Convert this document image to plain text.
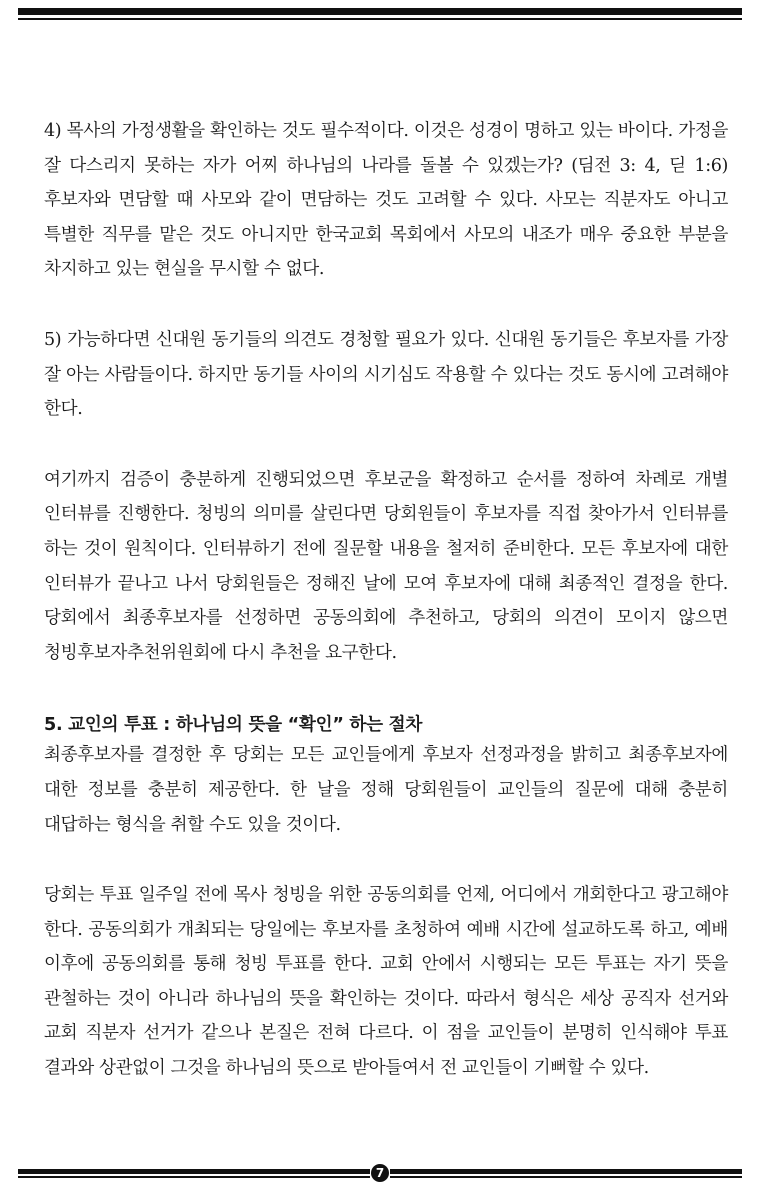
4) 목사의 가정생활을 확인하는 것도 필수적이다. 이것은 성경이 명하고 있는 바이다. 가정을 잘 다스리지 못하는 자가 어찌 하나님의 나라를 돌볼 수 있겠는가? (딤전 3: 4, 딛 1:6) 후보자와 면담할 때 사모와 같이 면담하는 것도 고려할 수 있다. 사모는 직분자도 아니고 특별한 직무를 맡은 것도 아니지만 한국교회 목회에서 사모의 내조가 매우 중요한 부분을 차지하고 있는 현실을 무시할 수 없다.

5) 가능하다면 신대원 동기들의 의견도 경청할 필요가 있다. 신대원 동기들은 후보자를 가장 잘 아는 사람들이다. 하지만 동기들 사이의 시기심도 작용할 수 있다는 것도 동시에 고려해야 한다.

여기까지 검증이 충분하게 진행되었으면 후보군을 확정하고 순서를 정하여 차례로 개별 인터뷰를 진행한다. 청빙의 의미를 살린다면 당회원들이 후보자를 직접 찾아가서 인터뷰를 하는 것이 원칙이다. 인터뷰하기 전에 질문할 내용을 철저히 준비한다. 모든 후보자에 대한 인터뷰가 끝나고 나서 당회원들은 정해진 날에 모여 후보자에 대해 최종적인 결정을 한다. 당회에서 최종후보자를 선정하면 공동의회에 추천하고, 당회의 의견이 모이지 않으면 청빙후보자추천위원회에 다시 추천을 요구한다.

5. 교인의 투표 : 하나님의 뜻을 “확인” 하는 절차

최종후보자를 결정한 후 당회는 모든 교인들에게 후보자 선정과정을 밝히고 최종후보자에 대한 정보를 충분히 제공한다. 한 날을 정해 당회원들이 교인들의 질문에 대해 충분히 대답하는 형식을 취할 수도 있을 것이다.

당회는 투표 일주일 전에 목사 청빙을 위한 공동의회를 언제, 어디에서 개회한다고 광고해야 한다. 공동의회가 개최되는 당일에는 후보자를 초청하여 예배 시간에 설교하도록 하고, 예배 이후에 공동의회를 통해 청빙 투표를 한다. 교회 안에서 시행되는 모든 투표는 자기 뜻을 관철하는 것이 아니라 하나님의 뜻을 확인하는 것이다. 따라서 형식은 세상 공직자 선거와 교회 직분자 선거가 같으나 본질은 전혀 다르다. 이 점을 교인들이 분명히 인식해야 투표 결과와 상관없이 그것을 하나님의 뜻으로 받아들여서 전 교인들이 기뻐할 수 있다.

7
